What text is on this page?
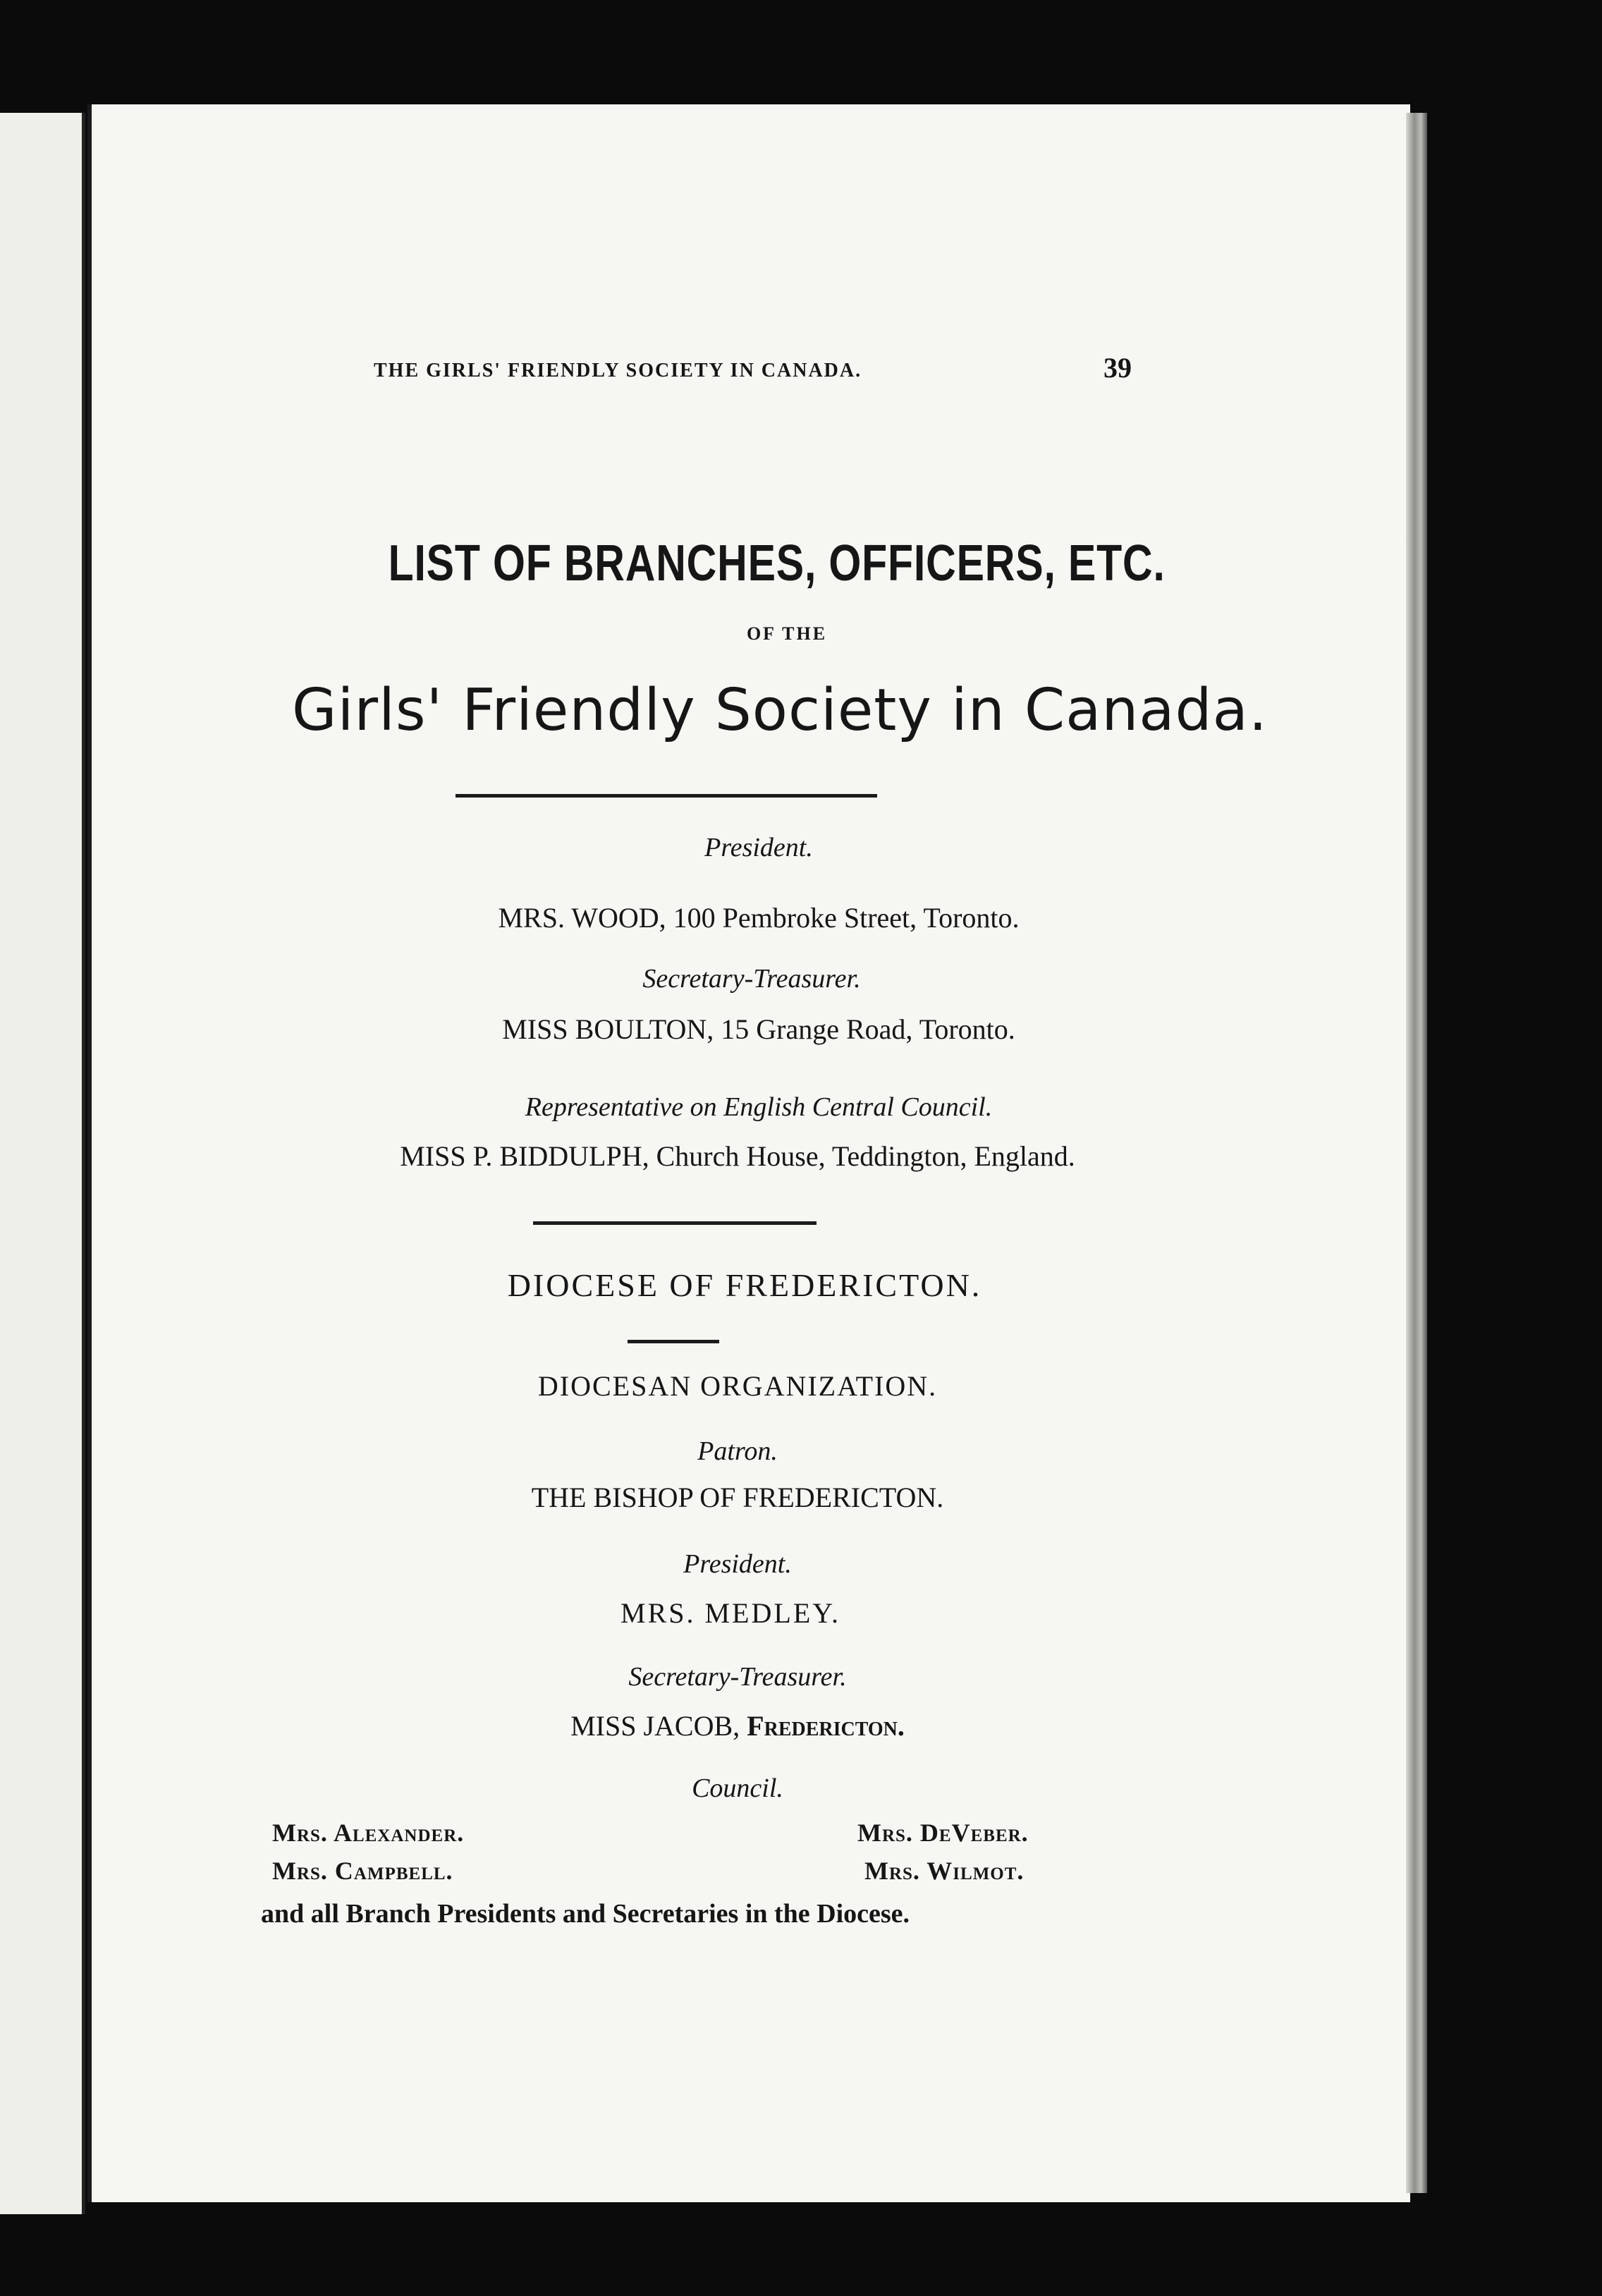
THE GIRLS' FRIENDLY SOCIETY IN CANADA.	39
LIST OF BRANCHES, OFFICERS, ETC.
OF THE
Girls' Friendly Society in Canada.
President.
MRS. WOOD, 100 Pembroke Street, Toronto.
Secretary-Treasurer.
MISS BOULTON, 15 Grange Road, Toronto.
Representative on English Central Council.
MISS P. BIDDULPH, Church House, Teddington, England.
DIOCESE OF FREDERICTON.
DIOCESAN ORGANIZATION.
Patron.
THE BISHOP OF FREDERICTON.
President.
MRS. MEDLEY.
Secretary-Treasurer.
MISS JACOB, Fredericton.
Council.
Mrs. Alexander.	Mrs. DeVeber.
Mrs. Campbell.	Mrs. Wilmot.
and all Branch Presidents and Secretaries in the Diocese.
